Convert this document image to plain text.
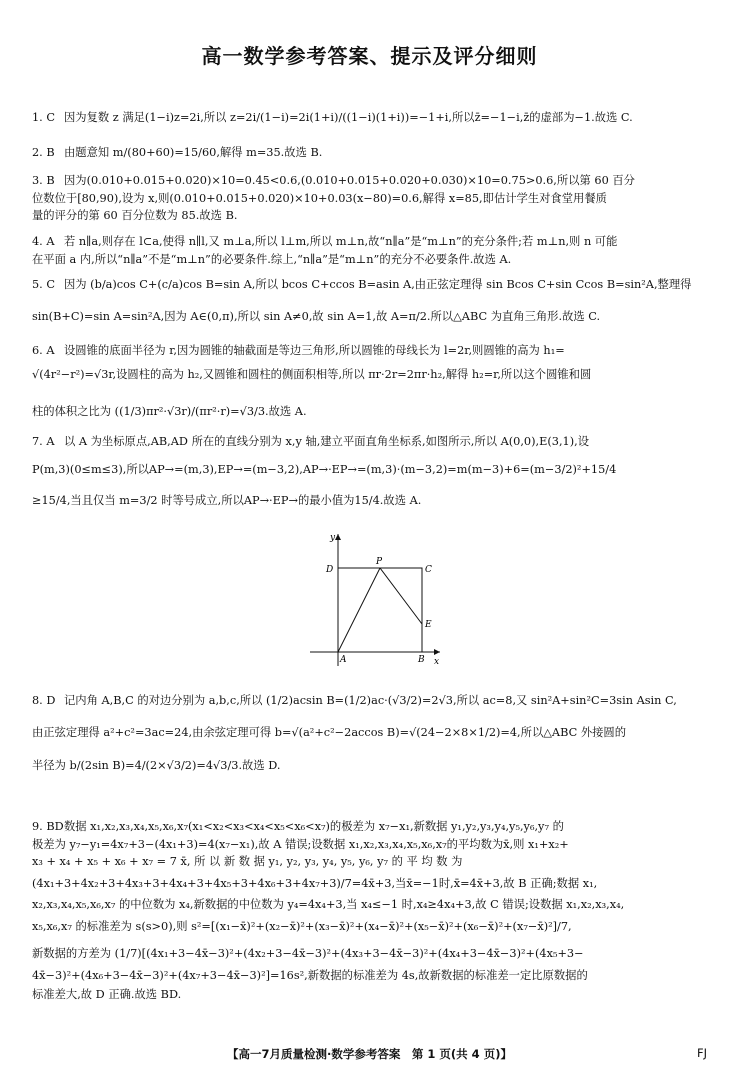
高一数学参考答案、提示及评分细则
1. C 因为复数 z 满足(1−i)z=2i,所以 z=2i/(1−i)=2i(1+i)/((1−i)(1+i))=−1+i,所以z̄=−1−i,z̄的虚部为−1.故选 C.
2. B 由题意知 m/(80+60)=15/60,解得 m=35.故选 B.
3. B 因为(0.010+0.015+0.020)×10=0.45<0.6,(0.010+0.015+0.020+0.030)×10=0.75>0.6,所以第 60 百分
位数位于[80,90),设为 x,则(0.010+0.015+0.020)×10+0.03(x−80)=0.6,解得 x=85,即估计学生对食堂用餐质
量的评分的第 60 百分位数为 85.故选 B.
4. A 若 n∥a,则存在 l⊂a,使得 n∥l,又 m⊥a,所以 l⊥m,所以 m⊥n,故“n∥a”是“m⊥n”的充分条件;若 m⊥n,则 n 可能
在平面 a 内,所以“n∥a”不是“m⊥n”的必要条件.综上,“n∥a”是“m⊥n”的充分不必要条件.故选 A.
5. C 因为 (b/a)cos C+(c/a)cos B=sin A,所以 bcos C+ccos B=asin A,由正弦定理得 sin Bcos C+sin Ccos B=sin²A,整理得
sin(B+C)=sin A=sin²A,因为 A∈(0,π),所以 sin A≠0,故 sin A=1,故 A=π/2.所以△ABC 为直角三角形.故选 C.
6. A 设圆锥的底面半径为 r,因为圆锥的轴截面是等边三角形,所以圆锥的母线长为 l=2r,则圆锥的高为 h₁=
√(4r²−r²)=√3r,设圆柱的高为 h₂,又圆锥和圆柱的侧面积相等,所以 πr·2r=2πr·h₂,解得 h₂=r,所以这个圆锥和圆
柱的体积之比为 ((1/3)πr²·√3r)/(πr²·r)=√3/3.故选 A.
7. A 以 A 为坐标原点,AB,AD 所在的直线分别为 x,y 轴,建立平面直角坐标系,如图所示,所以 A(0,0),E(3,1),设
P(m,3)(0≤m≤3),所以AP→=(m,3),EP→=(m−3,2),AP→·EP→=(m,3)·(m−3,2)=m(m−3)+6=(m−3/2)²+15/4
≥15/4,当且仅当 m=3/2 时等号成立,所以AP→·EP→的最小值为15/4.故选 A.
y
x
D
P
C
E
A	B
8. D 记内角 A,B,C 的对边分别为 a,b,c,所以 (1/2)acsin B=(1/2)ac·(√3/2)=2√3,所以 ac=8,又 sin²A+sin²C=3sin Asin C,
由正弦定理得 a²+c²=3ac=24,由余弦定理可得 b=√(a²+c²−2accos B)=√(24−2×8×1/2)=4,所以△ABC 外接圆的
半径为 b/(2sin B)=4/(2×√3/2)=4√3/3.故选 D.
9. BD数据 x₁,x₂,x₃,x₄,x₅,x₆,x₇(x₁<x₂<x₃<x₄<x₅<x₆<x₇)的极差为 x₇−x₁,新数据 y₁,y₂,y₃,y₄,y₅,y₆,y₇ 的
极差为 y₇−y₁=4x₇+3−(4x₁+3)=4(x₇−x₁),故 A 错误;设数据 x₁,x₂,x₃,x₄,x₅,x₆,x₇的平均数为x̄,则 x₁+x₂+
x₃ + x₄ + x₅ + x₆ + x₇ = 7 x̄, 所 以 新 数 据 y₁, y₂, y₃, y₄, y₅, y₆, y₇ 的 平 均 数 为
(4x₁+3+4x₂+3+4x₃+3+4x₄+3+4x₅+3+4x₆+3+4x₇+3)/7=4x̄+3,当x̄=−1时,x̄=4x̄+3,故 B 正确;数据 x₁,
x₂,x₃,x₄,x₅,x₆,x₇ 的中位数为 x₄,新数据的中位数为 y₄=4x₄+3,当 x₄≤−1 时,x₄≥4x₄+3,故 C 错误;设数据 x₁,x₂,x₃,x₄,
x₅,x₆,x₇ 的标准差为 s(s>0),则 s²=[(x₁−x̄)²+(x₂−x̄)²+(x₃−x̄)²+(x₄−x̄)²+(x₅−x̄)²+(x₆−x̄)²+(x₇−x̄)²]/7,
新数据的方差为 (1/7)[(4x₁+3−4x̄−3)²+(4x₂+3−4x̄−3)²+(4x₃+3−4x̄−3)²+(4x₄+3−4x̄−3)²+(4x₅+3−
4x̄−3)²+(4x₆+3−4x̄−3)²+(4x₇+3−4x̄−3)²]=16s²,新数据的标准差为 4s,故新数据的标准差一定比原数据的
标准差大,故 D 正确.故选 BD.
【高一7月质量检测·数学参考答案　第 1 页(共 4 页)】	FJ
